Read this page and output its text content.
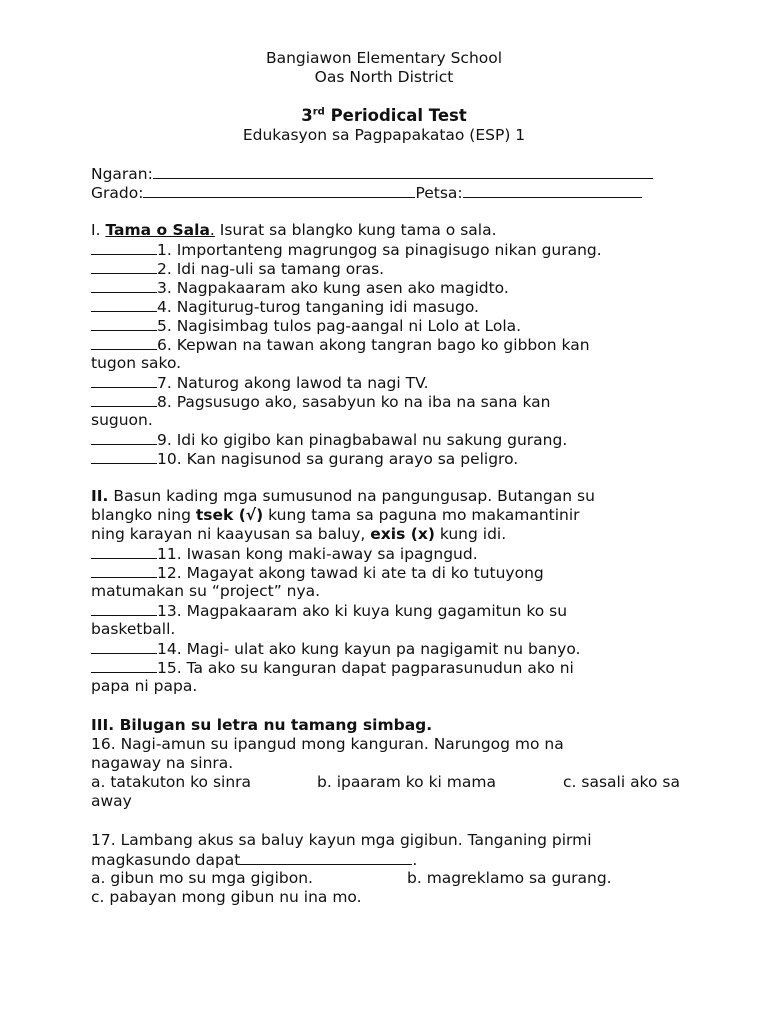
Bangiawon Elementary School
Oas North District
3rd Periodical Test
Edukasyon sa Pagpapakatao (ESP) 1
Ngaran:
Grado:	Petsa:
I. Tama o Sala. Isurat sa blangko kung tama o sala.
1. Importanteng magrungog sa pinagisugo nikan gurang.
2. Idi nag-uli sa tamang oras.
3. Nagpakaaram ako kung asen ako magidto.
4. Nagiturug-turog tanganing idi masugo.
5. Nagisimbag tulos pag-aangal ni Lolo at Lola.
6. Kepwan na tawan akong tangran bago ko gibbon kan
tugon sako.
7. Naturog akong lawod ta nagi TV.
8. Pagsusugo ako, sasabyun ko na iba na sana kan
suguon.
9. Idi ko gigibo kan pinagbabawal nu sakung gurang.
10. Kan nagisunod sa gurang arayo sa peligro.
II. Basun kading mga sumusunod na pangungusap. Butangan su
blangko ning tsek (√) kung tama sa paguna mo makamantinir
ning karayan ni kaayusan sa baluy, exis (x) kung idi.
11. Iwasan kong maki-away sa ipagngud.
12. Magayat akong tawad ki ate ta di ko tutuyong
matumakan su “project” nya.
13. Magpakaaram ako ki kuya kung gagamitun ko su
basketball.
14. Magi- ulat ako kung kayun pa nagigamit nu banyo.
15. Ta ako su kanguran dapat pagparasunudun ako ni
papa ni papa.
III. Bilugan su letra nu tamang simbag.
16. Nagi-amun su ipangud mong kanguran. Narungog mo na
nagaway na sinra.
a. tatakuton ko sinra	b. ipaaram ko ki mama	c. sasali ako sa
away
17. Lambang akus sa baluy kayun mga gigibun. Tanganing pirmi
magkasundo dapat	.
a. gibun mo su mga gigibon.	b. magreklamo sa gurang.
c. pabayan mong gibun nu ina mo.
